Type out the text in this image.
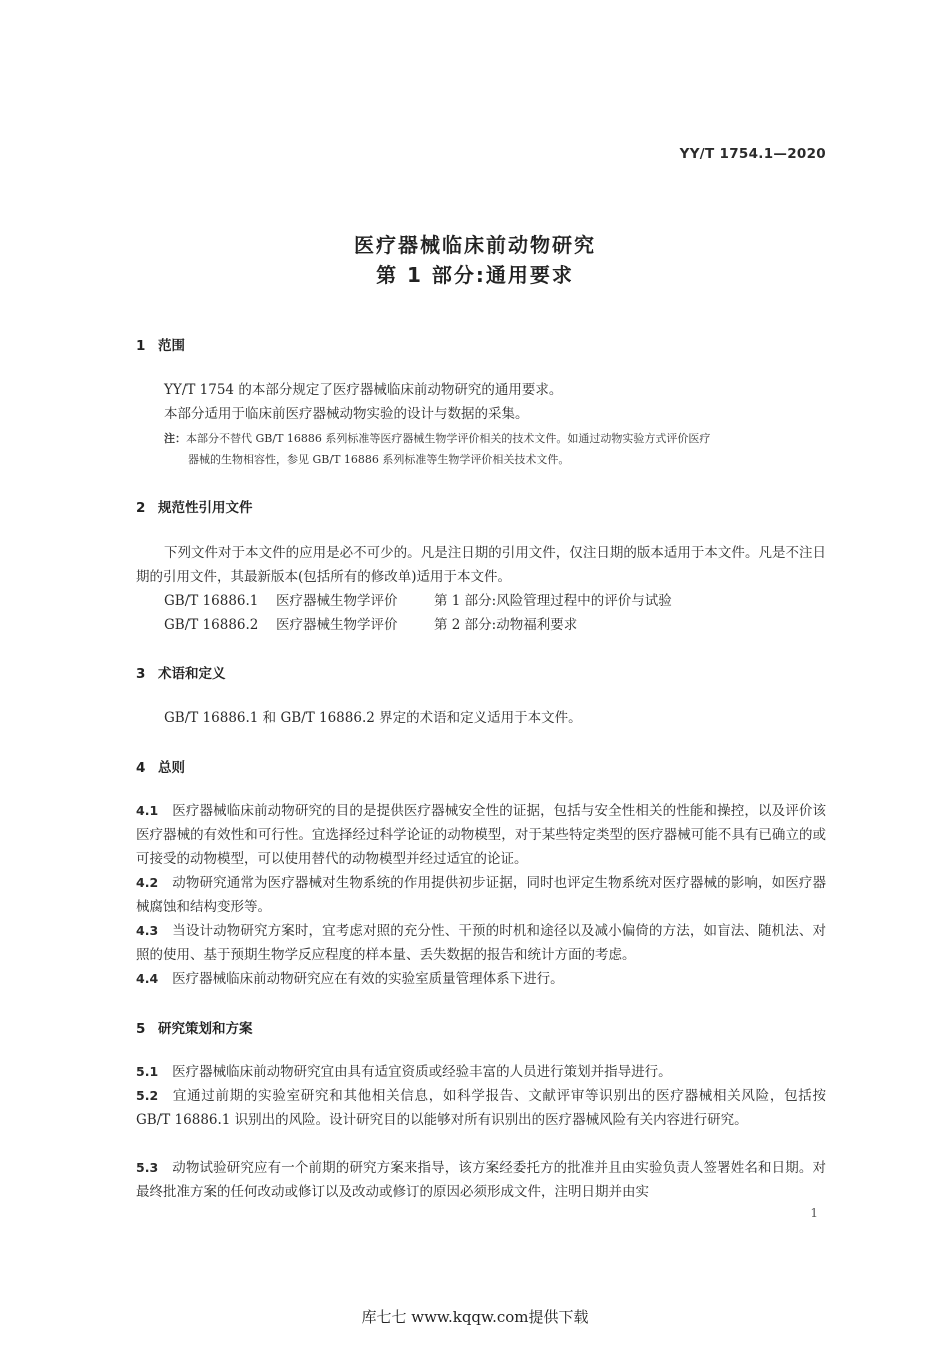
YY/T 1754.1—2020
医疗器械临床前动物研究
第 1 部分:通用要求
1 范围
YY/T 1754 的本部分规定了医疗器械临床前动物研究的通用要求。
本部分适用于临床前医疗器械动物实验的设计与数据的采集。
注：本部分不替代 GB/T 16886 系列标准等医疗器械生物学评价相关的技术文件。如通过动物实验方式评价医疗
器械的生物相容性，参见 GB/T 16886 系列标准等生物学评价相关技术文件。
2 规范性引用文件
下列文件对于本文件的应用是必不可少的。凡是注日期的引用文件，仅注日期的版本适用于本文件。凡是不注日期的引用文件，其最新版本(包括所有的修改单)适用于本文件。
GB/T 16886.1 医疗器械生物学评价	第 1 部分:风险管理过程中的评价与试验
GB/T 16886.2 医疗器械生物学评价	第 2 部分:动物福利要求
3 术语和定义
GB/T 16886.1 和 GB/T 16886.2 界定的术语和定义适用于本文件。
4 总则
4.1 医疗器械临床前动物研究的目的是提供医疗器械安全性的证据，包括与安全性相关的性能和操控，以及评价该医疗器械的有效性和可行性。宜选择经过科学论证的动物模型，对于某些特定类型的医疗器械可能不具有已确立的或可接受的动物模型，可以使用替代的动物模型并经过适宜的论证。
4.2 动物研究通常为医疗器械对生物系统的作用提供初步证据，同时也评定生物系统对医疗器械的影响，如医疗器械腐蚀和结构变形等。
4.3 当设计动物研究方案时，宜考虑对照的充分性、干预的时机和途径以及减小偏倚的方法，如盲法、随机法、对照的使用、基于预期生物学反应程度的样本量、丢失数据的报告和统计方面的考虑。
4.4 医疗器械临床前动物研究应在有效的实验室质量管理体系下进行。
5 研究策划和方案
5.1 医疗器械临床前动物研究宜由具有适宜资质或经验丰富的人员进行策划并指导进行。
5.2 宜通过前期的实验室研究和其他相关信息，如科学报告、文献评审等识别出的医疗器械相关风险，包括按 GB/T 16886.1 识别出的风险。设计研究目的以能够对所有识别出的医疗器械风险有关内容进行研究。
5.3 动物试验研究应有一个前期的研究方案来指导，该方案经委托方的批准并且由实验负责人签署姓名和日期。对最终批准方案的任何改动或修订以及改动或修订的原因必须形成文件，注明日期并由实
1
库七七 www.kqqw.com提供下载
